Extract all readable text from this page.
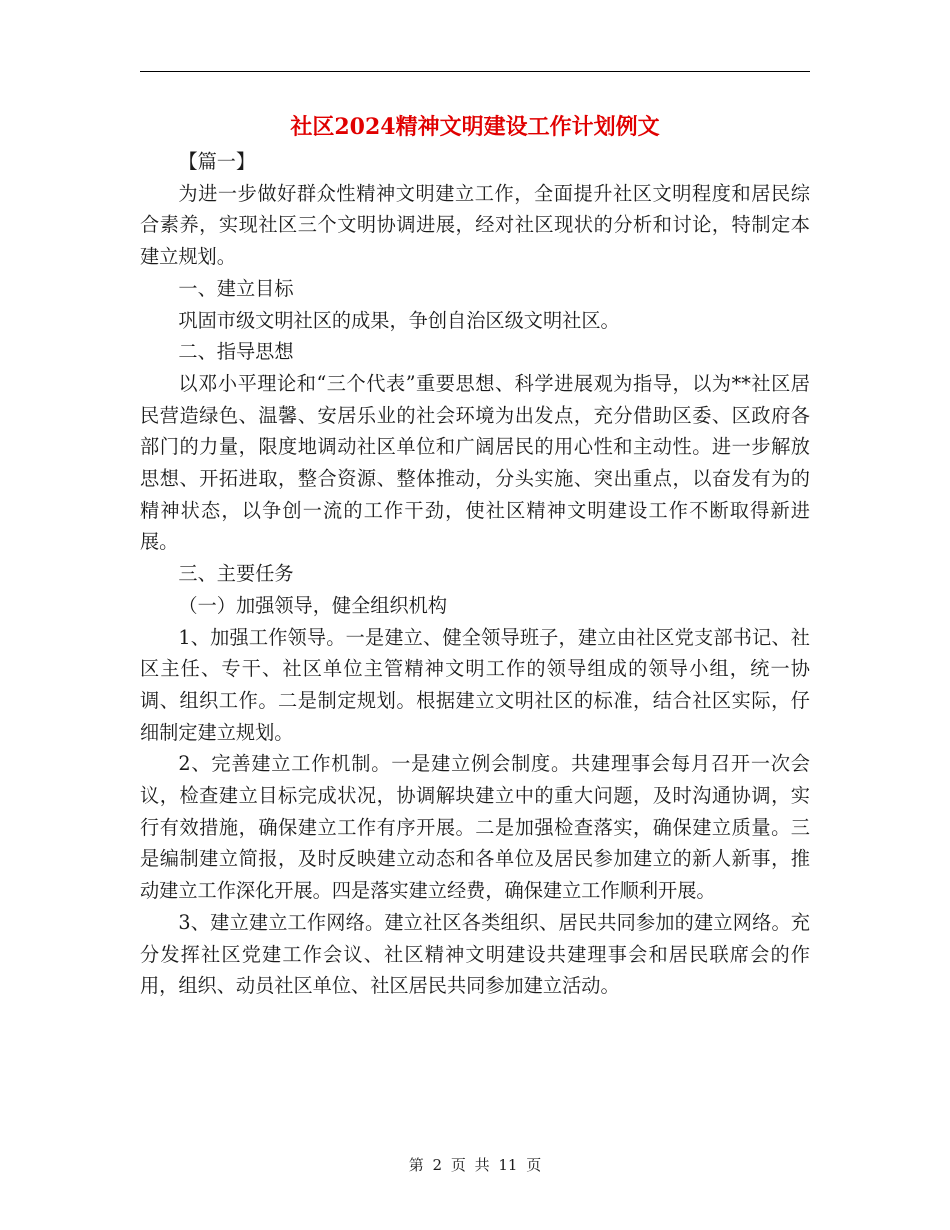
社区2024精神文明建设工作计划例文

【篇一】

为进一步做好群众性精神文明建立工作，全面提升社区文明程度和居民综合素养，实现社区三个文明协调进展，经对社区现状的分析和讨论，特制定本建立规划。

一、建立目标

巩固市级文明社区的成果，争创自治区级文明社区。

二、指导思想

以邓小平理论和“三个代表”重要思想、科学进展观为指导，以为**社区居民营造绿色、温馨、安居乐业的社会环境为出发点，充分借助区委、区政府各部门的力量，限度地调动社区单位和广阔居民的用心性和主动性。进一步解放思想、开拓进取，整合资源、整体推动，分头实施、突出重点，以奋发有为的精神状态，以争创一流的工作干劲，使社区精神文明建设工作不断取得新进展。

三、主要任务

（一）加强领导，健全组织机构

1、加强工作领导。一是建立、健全领导班子，建立由社区党支部书记、社区主任、专干、社区单位主管精神文明工作的领导组成的领导小组，统一协调、组织工作。二是制定规划。根据建立文明社区的标准，结合社区实际，仔细制定建立规划。

2、完善建立工作机制。一是建立例会制度。共建理事会每月召开一次会议，检查建立目标完成状况，协调解块建立中的重大问题，及时沟通协调，实行有效措施，确保建立工作有序开展。二是加强检查落实，确保建立质量。三是编制建立简报，及时反映建立动态和各单位及居民参加建立的新人新事，推动建立工作深化开展。四是落实建立经费，确保建立工作顺利开展。

3、建立建立工作网络。建立社区各类组织、居民共同参加的建立网络。充分发挥社区党建工作会议、社区精神文明建设共建理事会和居民联席会的作用，组织、动员社区单位、社区居民共同参加建立活动。

第 2 页 共 11 页
